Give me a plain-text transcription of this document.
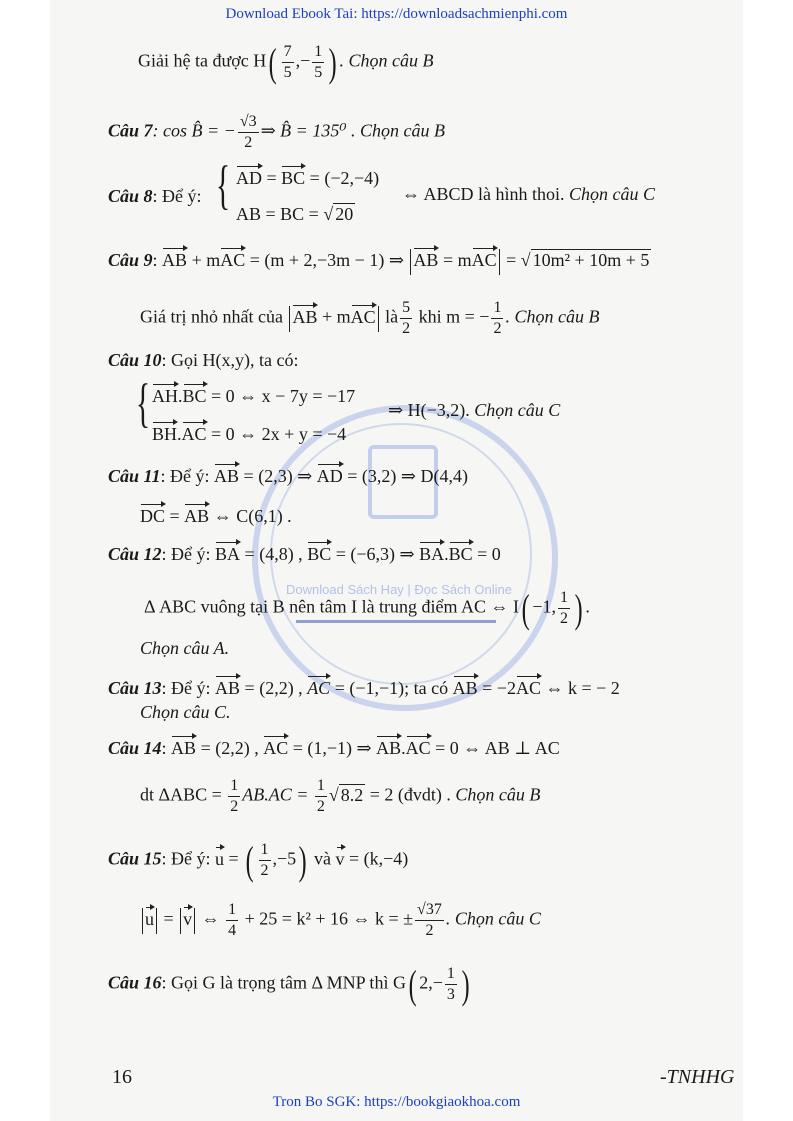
Download Ebook Tai: https://downloadsachmienphi.com
Download Sách Hay | Đọc Sách Online
Giải hệ ta được $H( \frac{7}{5}$ ,− $\frac{1}{5}$ ) . Chọn câu B
Câu 7: cos B̂ = − $\frac{√3}{2}$ ⇒ B̂ = 135⁰ . Chọn câu B
Câu 8: Để ý: { AD = BC = (−2,−4)
AB = BC = √ 20
⇔ ABCD là hình thoi. Chọn câu C
Câu 9: AB + mAC = (m + 2,−3m − 1) ⇒ AB = mAC = √ 10m² + 10m + 5
Giá trị nhỏ nhất của AB + mAC là $\frac{5}{2}$ khi m = − $\frac{1}{2}$ . Chọn câu B
Câu 10: Gọi H(x,y), ta có:
{ AH.BC = 0 ⇔ x − 7y = −17
BH.AC = 0 ⇔ 2x + y = −4
⇒ H(−3,2). Chọn câu C
Câu 11: Để ý: AB = (2,3) ⇒ AD = (3,2) ⇒ D(4,4)
DC = AB ⇔ C(6,1) .
Câu 12: Để ý: BA = (4,8) , BC = (−6,3) ⇒ BA.BC = 0
Δ ABC vuông tại B nên tâm I là trung điểm AC ⇔ I( −1, $\frac{1}{2}$ ) .
Chọn câu A.
Câu 13: Để ý: AB = (2,2) , AC = (−1,−1); ta có AB = −2AC ⇔ k = − 2
Chọn câu C.
Câu 14: AB = (2,2) , AC = (1,−1) ⇒ AB.AC = 0 ⇔ AB ⊥ AC
dt $\Delta ABC = \frac{1}{2} AB.AC = \frac{1}{2}$ √ 8.2 = 2 (đvdt) . Chọn câu B
Câu 15: Để ý: u = ( $\frac{1}{2} ,-5$) và v = (k,−4)
u = v ⇔ $\frac{1}{4} + 25 = k^2 + 16$ ⇔ k = ± $\frac{√37}{2}$ . Chọn câu C
Câu 16: Gọi G là trọng tâm Δ MNP thì G( $2,- \frac{1}{3}$ )
16	-TNHHG
Tron Bo SGK: https://bookgiaokhoa.com
